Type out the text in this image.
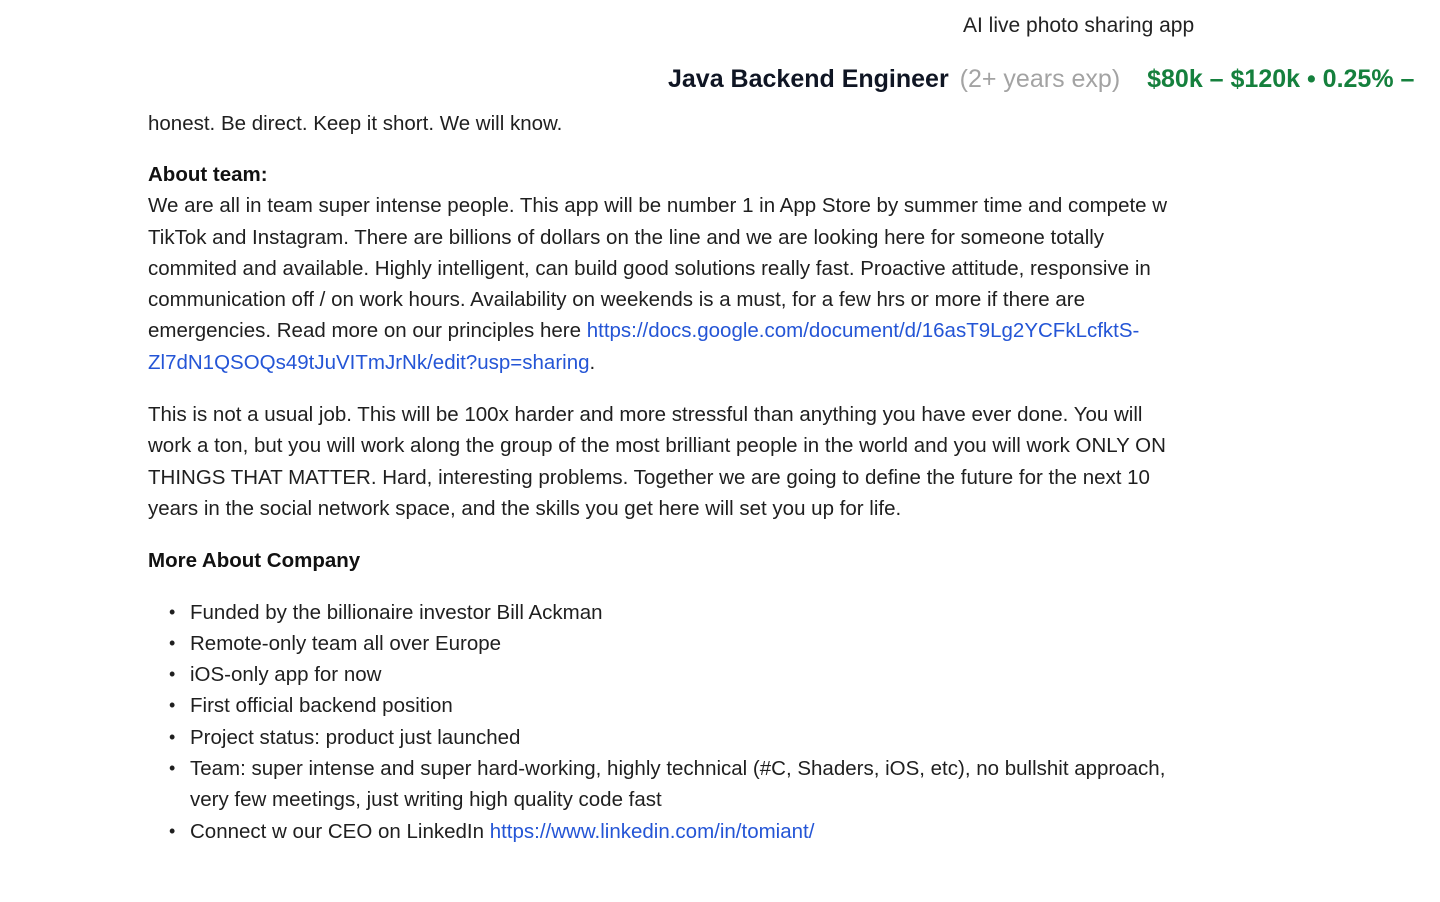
AI live photo sharing app
Java Backend Engineer (2+ years exp) $80k – $120k • 0.25% –
honest. Be direct. Keep it short. We will know.
About team:

We are all in team super intense people. This app will be number 1 in App Store by summer time and compete w TikTok and Instagram. There are billions of dollars on the line and we are looking here for someone totally commited and available. Highly intelligent, can build good solutions really fast. Proactive attitude, responsive in communication off / on work hours. Availability on weekends is a must, for a few hrs or more if there are emergencies. Read more on our principles here https://docs.google.com/document/d/16asT9Lg2YCFkLcfktS-Zl7dN1QSOQs49tJuVITmJrNk/edit?usp=sharing.

This is not a usual job. This will be 100x harder and more stressful than anything you have ever done. You will work a ton, but you will work along the group of the most brilliant people in the world and you will work ONLY ON THINGS THAT MATTER. Hard, interesting problems. Together we are going to define the future for the next 10 years in the social network space, and the skills you get here will set you up for life.

More About Company
• Funded by the billionaire investor Bill Ackman
• Remote-only team all over Europe
• iOS-only app for now
• First official backend position
• Project status: product just launched
• Team: super intense and super hard-working, highly technical (#C, Shaders, iOS, etc), no bullshit approach, very few meetings, just writing high quality code fast
• Connect w our CEO on LinkedIn https://www.linkedin.com/in/tomiant/
